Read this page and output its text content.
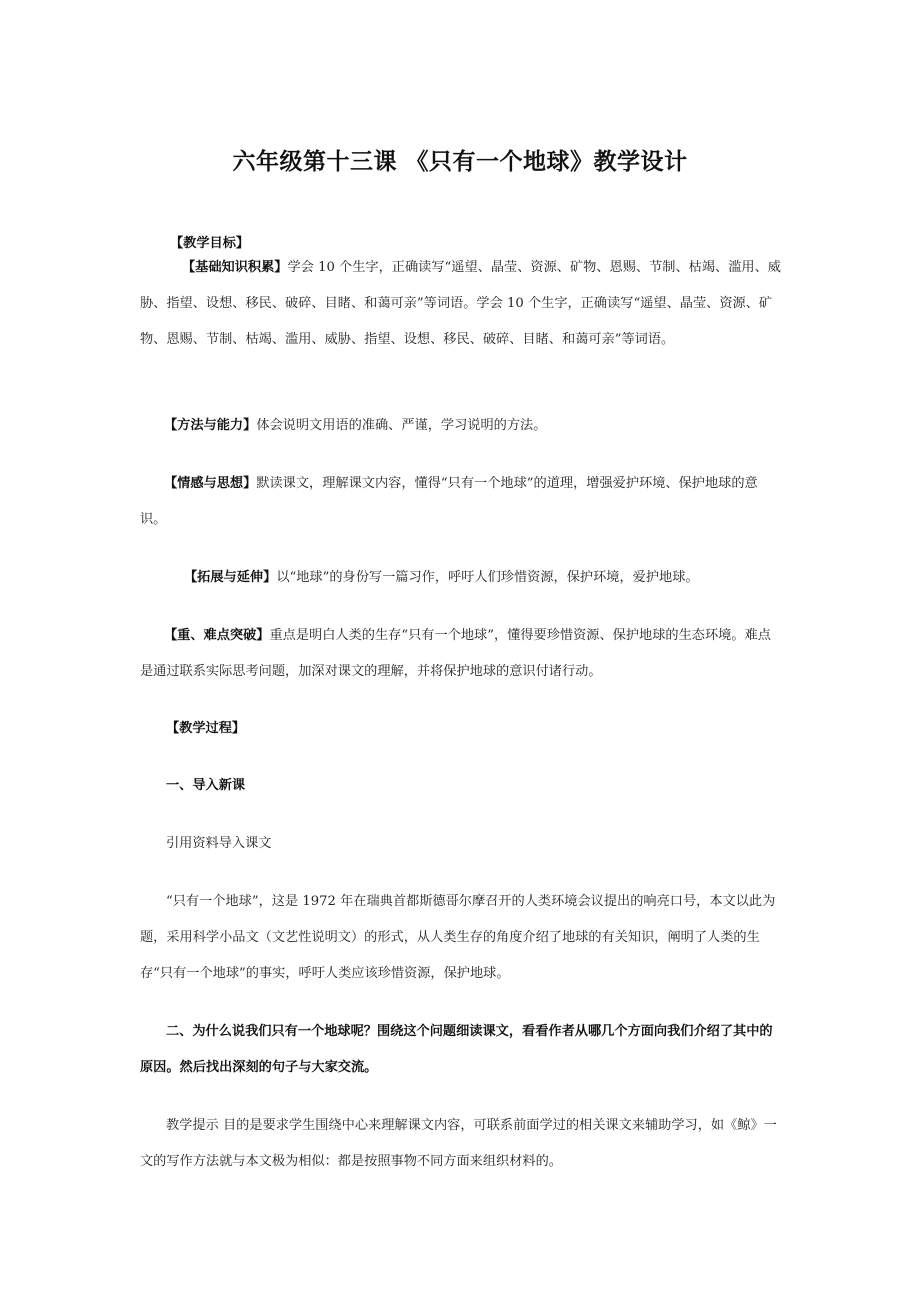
六年级第十三课 《只有一个地球》教学设计
【教学目标】
【基础知识积累】学会 10 个生字，正确读写“遥望、晶莹、资源、矿物、恩赐、节制、枯竭、滥用、威胁、指望、设想、移民、破碎、目睹、和蔼可亲”等词语。学会 10 个生字，正确读写“遥望、晶莹、资源、矿物、恩赐、节制、枯竭、滥用、威胁、指望、设想、移民、破碎、目睹、和蔼可亲”等词语。
【方法与能力】体会说明文用语的准确、严谨，学习说明的方法。
【情感与思想】默读课文，理解课文内容，懂得“只有一个地球”的道理，增强爱护环境、保护地球的意识。
【拓展与延伸】以“地球”的身份写一篇习作，呼吁人们珍惜资源，保护环境，爱护地球。
【重、难点突破】重点是明白人类的生存“只有一个地球”，懂得要珍惜资源、保护地球的生态环境。难点是通过联系实际思考问题，加深对课文的理解，并将保护地球的意识付诸行动。
【教学过程】
一、导入新课
引用资料导入课文
“只有一个地球”，这是 1972 年在瑞典首都斯德哥尔摩召开的人类环境会议提出的响亮口号，本文以此为题，采用科学小品文（文艺性说明文）的形式，从人类生存的角度介绍了地球的有关知识，阐明了人类的生存“只有一个地球”的事实，呼吁人类应该珍惜资源，保护地球。
二、为什么说我们只有一个地球呢？围绕这个问题细读课文，看看作者从哪几个方面向我们介绍了其中的原因。然后找出深刻的句子与大家交流。
教学提示 目的是要求学生围绕中心来理解课文内容，可联系前面学过的相关课文来辅助学习，如《鲸》一文的写作方法就与本文极为相似：都是按照事物不同方面来组织材料的。
